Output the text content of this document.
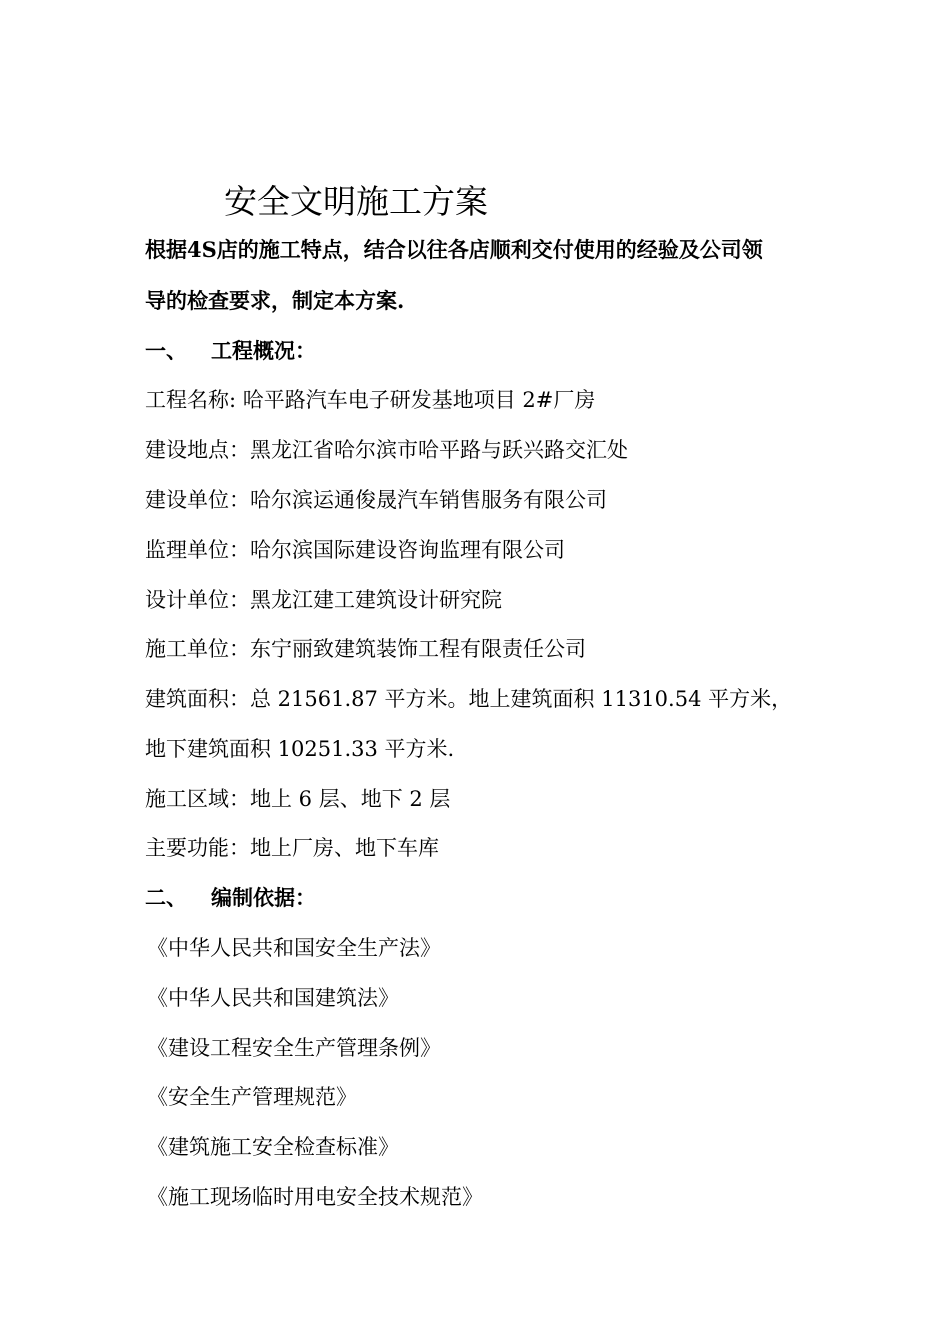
安全文明施工方案
根据4S店的施工特点，结合以往各店顺利交付使用的经验及公司领
导的检查要求，制定本方案.
一、 工程概况：
工程名称: 哈平路汽车电子研发基地项目 2#厂房
建设地点：黑龙江省哈尔滨市哈平路与跃兴路交汇处
建设单位：哈尔滨运通俊晟汽车销售服务有限公司
监理单位：哈尔滨国际建设咨询监理有限公司
设计单位：黑龙江建工建筑设计研究院
施工单位：东宁丽致建筑装饰工程有限责任公司
建筑面积：总 21561.87 平方米。地上建筑面积 11310.54 平方米，
地下建筑面积 10251.33 平方米.
施工区域：地上 6 层、地下 2 层
主要功能：地上厂房、地下车库
二、 编制依据：
《中华人民共和国安全生产法》
《中华人民共和国建筑法》
《建设工程安全生产管理条例》
《安全生产管理规范》
《建筑施工安全检查标准》
《施工现场临时用电安全技术规范》
